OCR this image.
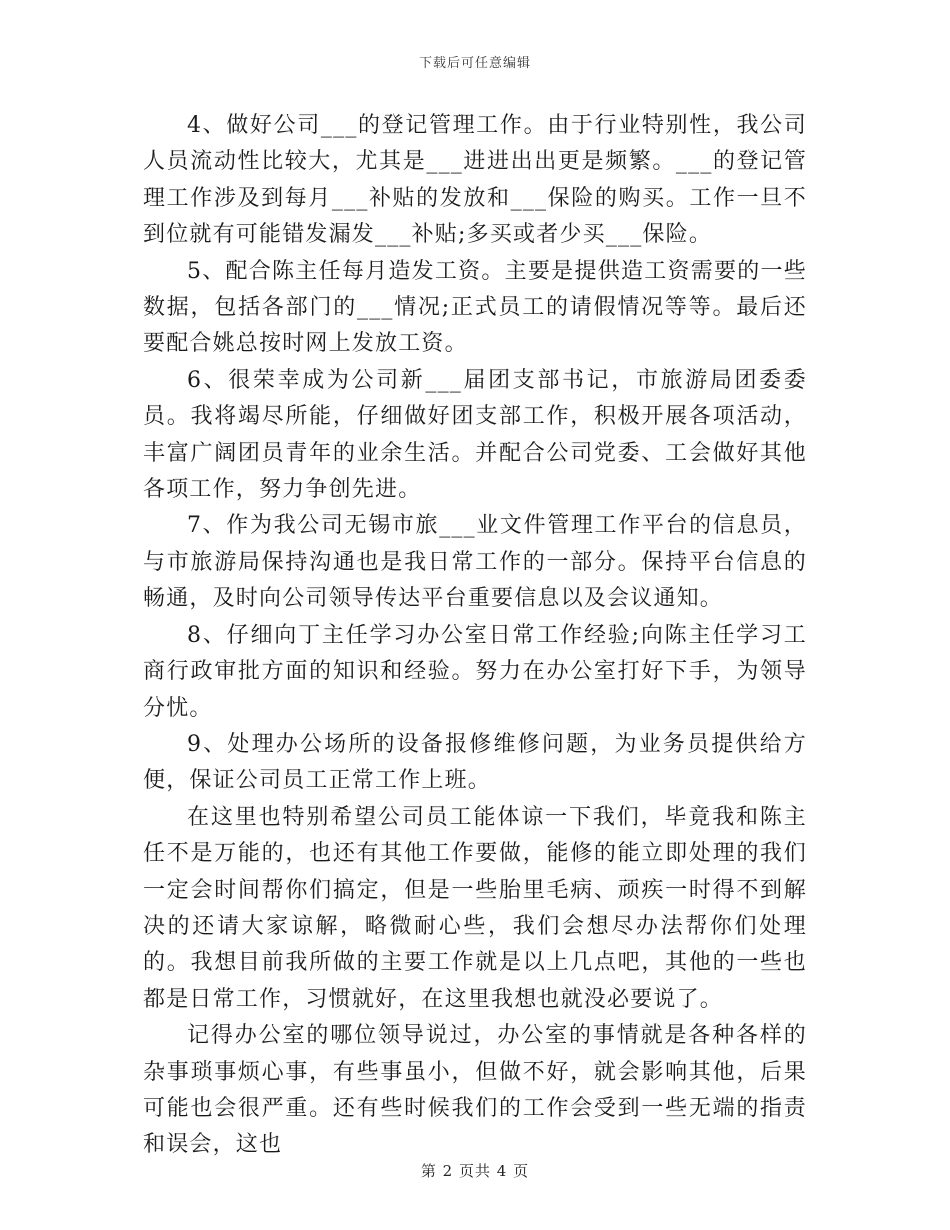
下载后可任意编辑

4、做好公司___的登记管理工作。由于行业特别性，我公司人员流动性比较大，尤其是___进进出出更是频繁。___的登记管理工作涉及到每月___补贴的发放和___保险的购买。工作一旦不到位就有可能错发漏发___补贴;多买或者少买___保险。

5、配合陈主任每月造发工资。主要是提供造工资需要的一些数据，包括各部门的___情况;正式员工的请假情况等等。最后还要配合姚总按时网上发放工资。

6、很荣幸成为公司新___届团支部书记，市旅游局团委委员。我将竭尽所能，仔细做好团支部工作，积极开展各项活动，丰富广阔团员青年的业余生活。并配合公司党委、工会做好其他各项工作，努力争创先进。

7、作为我公司无锡市旅___业文件管理工作平台的信息员，与市旅游局保持沟通也是我日常工作的一部分。保持平台信息的畅通，及时向公司领导传达平台重要信息以及会议通知。

8、仔细向丁主任学习办公室日常工作经验;向陈主任学习工商行政审批方面的知识和经验。努力在办公室打好下手，为领导分忧。

9、处理办公场所的设备报修维修问题，为业务员提供给方便，保证公司员工正常工作上班。

在这里也特别希望公司员工能体谅一下我们，毕竟我和陈主任不是万能的，也还有其他工作要做，能修的能立即处理的我们一定会时间帮你们搞定，但是一些胎里毛病、顽疾一时得不到解决的还请大家谅解，略微耐心些，我们会想尽办法帮你们处理的。我想目前我所做的主要工作就是以上几点吧，其他的一些也都是日常工作，习惯就好，在这里我想也就没必要说了。

记得办公室的哪位领导说过，办公室的事情就是各种各样的杂事琐事烦心事，有些事虽小，但做不好，就会影响其他，后果可能也会很严重。还有些时候我们的工作会受到一些无端的指责和误会，这也

第 2 页共 4 页
